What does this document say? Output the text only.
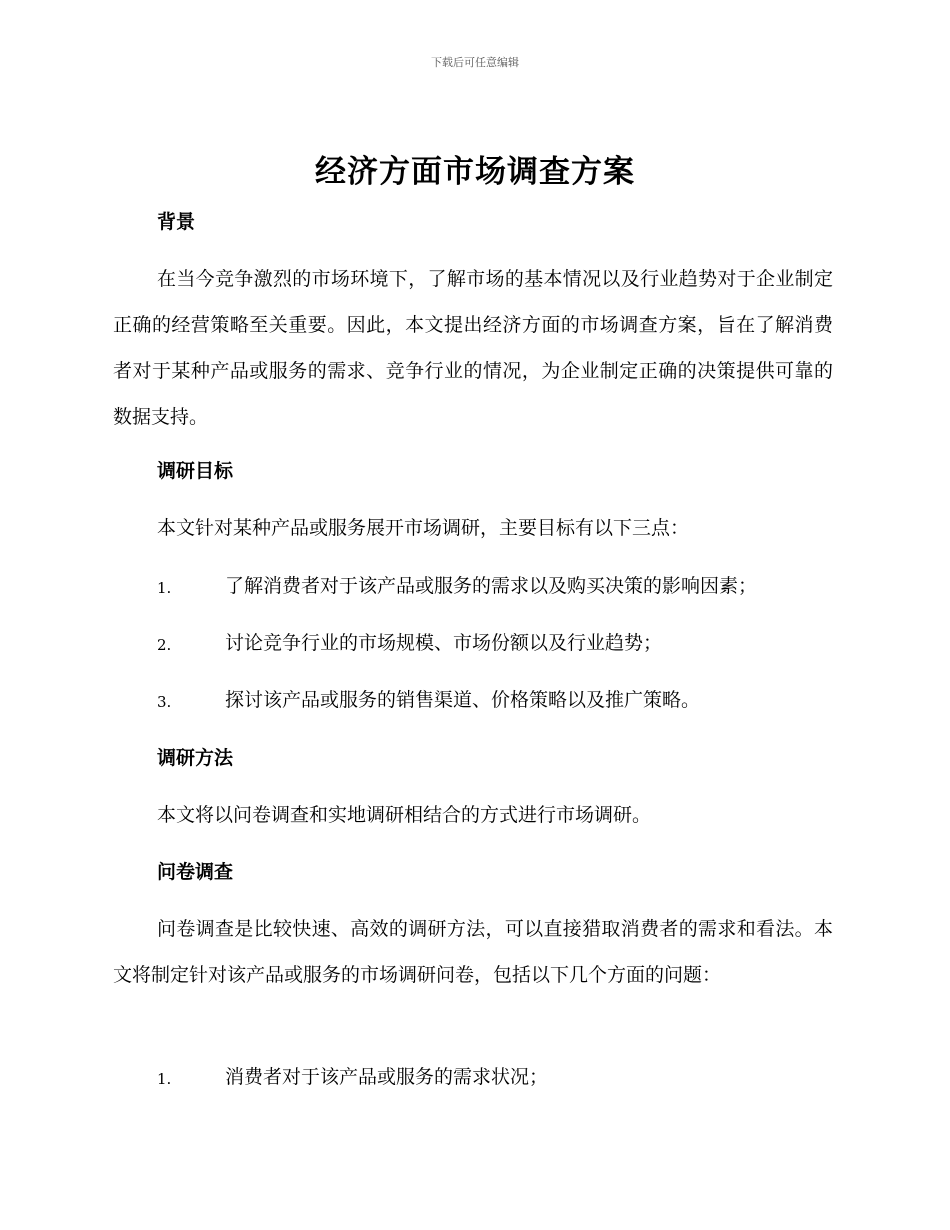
下载后可任意编辑
经济方面市场调查方案
背景
在当今竞争激烈的市场环境下，了解市场的基本情况以及行业趋势对于企业制定正确的经营策略至关重要。因此，本文提出经济方面的市场调查方案，旨在了解消费者对于某种产品或服务的需求、竞争行业的情况，为企业制定正确的决策提供可靠的数据支持。
调研目标
本文针对某种产品或服务展开市场调研，主要目标有以下三点：
1.	了解消费者对于该产品或服务的需求以及购买决策的影响因素；
2.	讨论竞争行业的市场规模、市场份额以及行业趋势；
3.	探讨该产品或服务的销售渠道、价格策略以及推广策略。
调研方法
本文将以问卷调查和实地调研相结合的方式进行市场调研。
问卷调查
问卷调查是比较快速、高效的调研方法，可以直接猎取消费者的需求和看法。本文将制定针对该产品或服务的市场调研问卷，包括以下几个方面的问题：
1.	消费者对于该产品或服务的需求状况；
